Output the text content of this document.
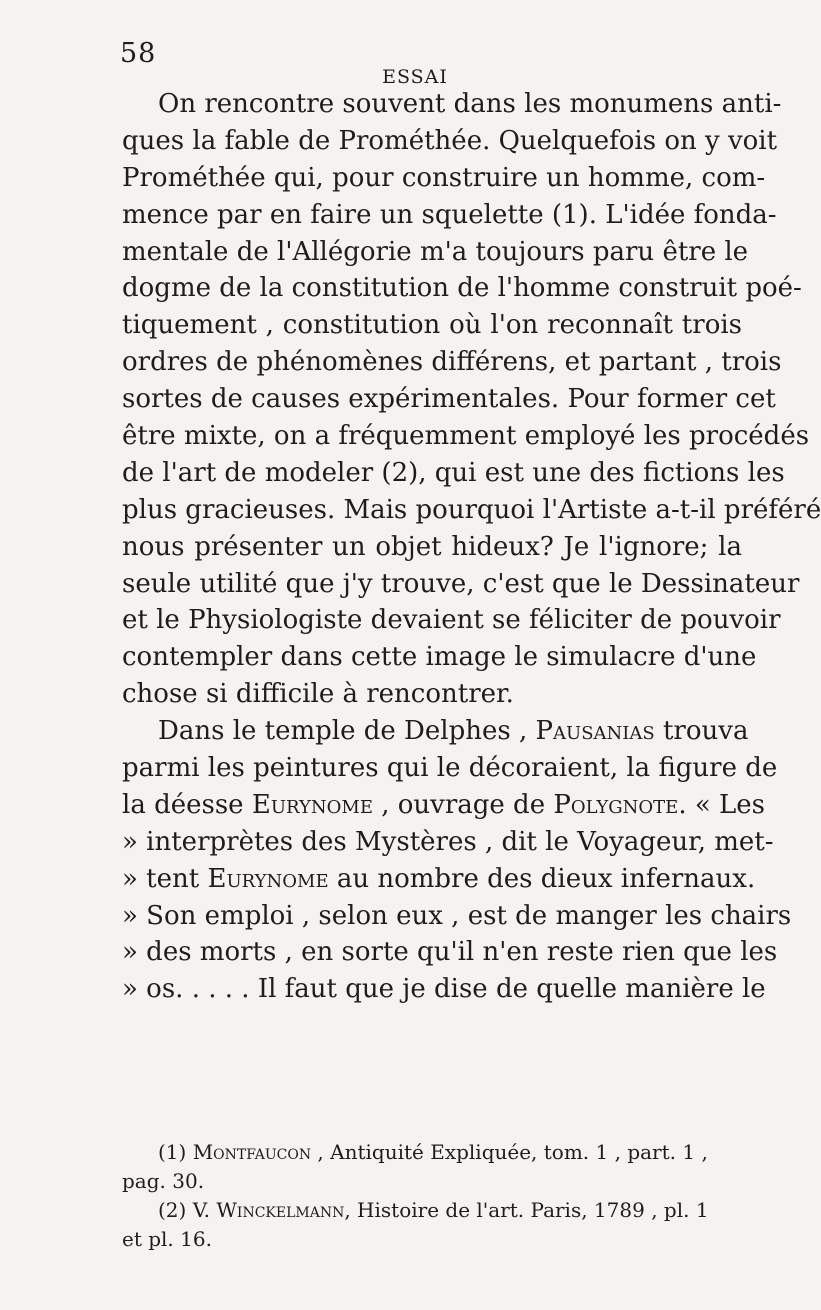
58
ESSAI
On rencontre souvent dans les monumens anti-
ques la fable de Prométhée. Quelquefois on y voit
Prométhée qui, pour construire un homme, com-
mence par en faire un squelette (1). L'idée fonda-
mentale de l'Allégorie m'a toujours paru être le
dogme de la constitution de l'homme construit poé-
tiquement , constitution où l'on reconnaît trois
ordres de phénomènes différens, et partant , trois
sortes de causes expérimentales. Pour former cet
être mixte, on a fréquemment employé les procédés
de l'art de modeler (2), qui est une des fictions les
plus gracieuses. Mais pourquoi l'Artiste a-t-il préféré
nous présenter un objet hideux? Je l'ignore; la
seule utilité que j'y trouve, c'est que le Dessinateur
et le Physiologiste devaient se féliciter de pouvoir
contempler dans cette image le simulacre d'une
chose si difficile à rencontrer.
Dans le temple de Delphes , Pausanias trouva
parmi les peintures qui le décoraient, la figure de
la déesse Eurynome , ouvrage de Polygnote. « Les
» interprètes des Mystères , dit le Voyageur, met-
» tent Eurynome au nombre des dieux infernaux.
» Son emploi , selon eux , est de manger les chairs
» des morts , en sorte qu'il n'en reste rien que les
» os. . . . . Il faut que je dise de quelle manière le
(1) Montfaucon , Antiquité Expliquée, tom. 1 , part. 1 ,
pag. 30.
(2) V. Winckelmann, Histoire de l'art. Paris, 1789 , pl. 1
et pl. 16.
